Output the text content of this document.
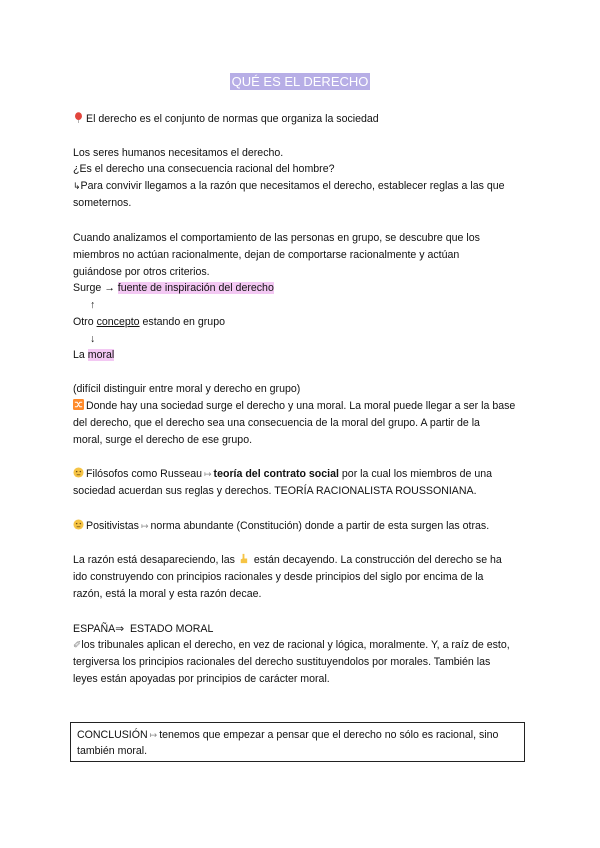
QUÉ ES EL DERECHO
El derecho es el conjunto de normas que organiza la sociedad
Los seres humanos necesitamos el derecho.
¿Es el derecho una consecuencia racional del hombre?
↳Para convivir llegamos a la razón que necesitamos el derecho, establecer reglas a las que
someternos.
Cuando analizamos el comportamiento de las personas en grupo, se descubre que los
miembros no actúan racionalmente, dejan de comportarse racionalmente y actúan
guiándose por otros criterios.
Surge → fuente de inspiración del derecho
↑
Otro concepto estando en grupo
↓
La moral
(difícil distinguir entre moral y derecho en grupo)
Donde hay una sociedad surge el derecho y una moral. La moral puede llegar a ser la base
del derecho, que el derecho sea una consecuencia de la moral del grupo. A partir de la
moral, surge el derecho de ese grupo.
Filósofos como Russeau ↦ teoría del contrato social por la cual los miembros de una
sociedad acuerdan sus reglas y derechos. TEORÍA RACIONALISTA ROUSSONIANA.
Positivistas ↦ norma abundante (Constitución) donde a partir de esta surgen las otras.
La razón está desapareciendo, las están decayendo. La construcción del derecho se ha
ido construyendo con principios racionales y desde principios del siglo por encima de la
razón, está la moral y esta razón decae.
ESPAÑA⇒ ESTADO MORAL
✐los tribunales aplican el derecho, en vez de racional y lógica, moralmente. Y, a raíz de esto,
tergiversa los principios racionales del derecho sustituyendolos por morales. También las
leyes están apoyadas por principios de carácter moral.
CONCLUSIÓN ↦ tenemos que empezar a pensar que el derecho no sólo es racional, sino
también moral.
